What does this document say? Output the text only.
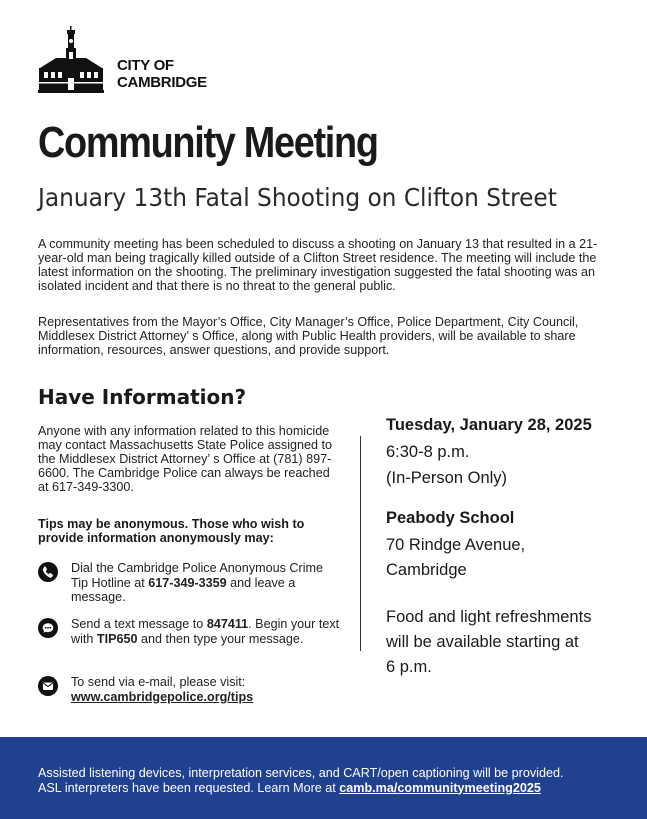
CITY OF
CAMBRIDGE
Community Meeting
January 13th Fatal Shooting on Clifton Street

A community meeting has been scheduled to discuss a shooting on January 13 that resulted in a 21-year-old man being tragically killed outside of a Clifton Street residence. The meeting will include the latest information on the shooting. The preliminary investigation suggested the fatal shooting was an isolated incident and that there is no threat to the general public.

Representatives from the Mayor’s Office, City Manager’s Office, Police Department, City Council, Middlesex District Attorney’ s Office, along with Public Health providers, will be available to share information, resources, answer questions, and provide support.

Have Information?

Anyone with any information related to this homicide may contact Massachusetts State Police assigned to the Middlesex District Attorney’ s Office at (781) 897-6600. The Cambridge Police can always be reached at 617-349-3300.

Tips may be anonymous. Those who wish to provide information anonymously may:

Dial the Cambridge Police Anonymous Crime Tip Hotline at 617-349-3359 and leave a message.
Send a text message to 847411. Begin your text with TIP650 and then type your message.
To send via e-mail, please visit:
www.cambridgepolice.org/tips
Tuesday, January 28, 2025
6:30-8 p.m.
(In-Person Only)
Peabody School
70 Rindge Avenue,
Cambridge
Food and light refreshments
will be available starting at
6 p.m.

Assisted listening devices, interpretation services, and CART/open captioning will be provided.
ASL interpreters have been requested. Learn More at camb.ma/communitymeeting2025
